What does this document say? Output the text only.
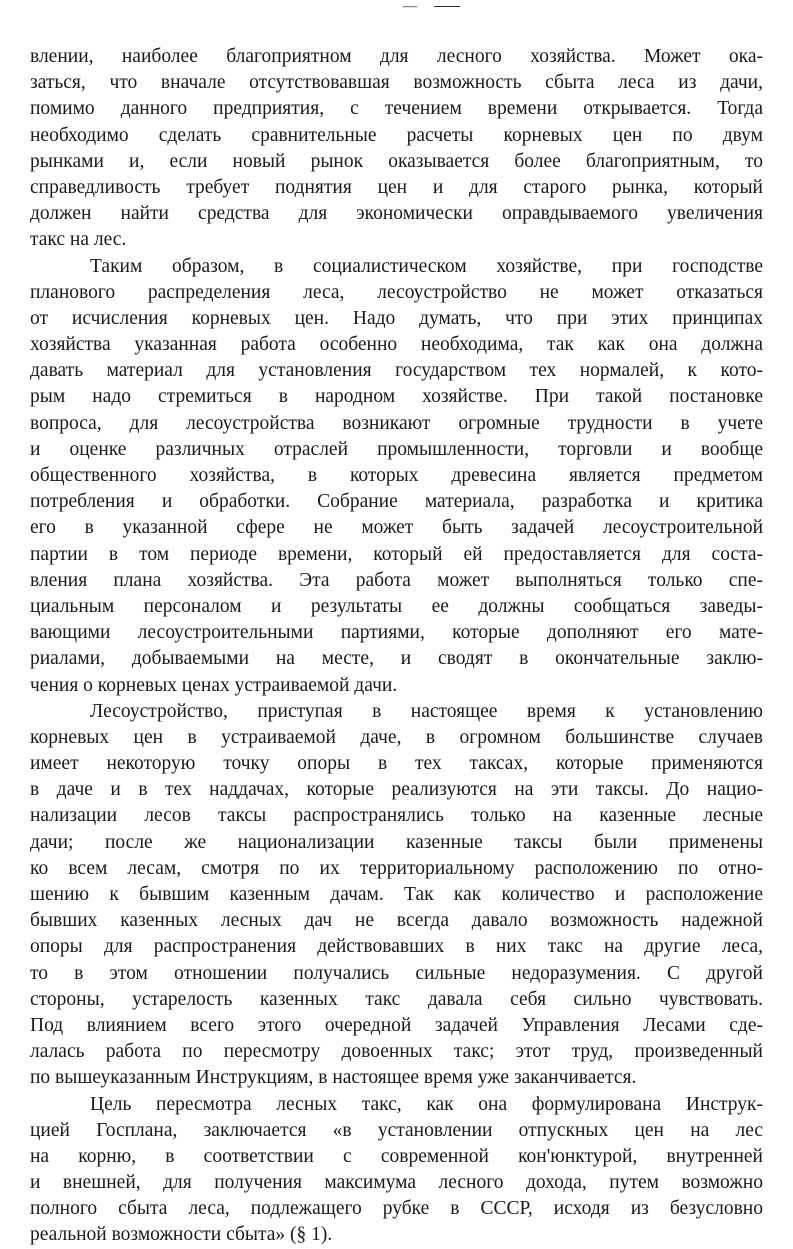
—
влении, наиболее благоприятном для лесного хозяйства. Может ока-
заться, что вначале отсутствовавшая возможность сбыта леса из дачи,
помимо данного предприятия, с течением времени открывается. Тогда
необходимо сделать сравнительные расчеты корневых цен по двум
рынками и, если новый рынок оказывается более благоприятным, то
справедливость требует поднятия цен и для старого рынка, который
должен найти средства для экономически оправдываемого увеличения
такс на лес.
Таким образом, в социалистическом хозяйстве, при господстве
планового распределения леса, лесоустройство не может отказаться
от исчисления корневых цен. Надо думать, что при этих принципах
хозяйства указанная работа особенно необходима, так как она должна
давать материал для установления государством тех нормалей, к кото-
рым надо стремиться в народном хозяйстве. При такой постановке
вопроса, для лесоустройства возникают огромные трудности в учете
и оценке различных отраслей промышленности, торговли и вообще
общественного хозяйства, в которых древесина является предметом
потребления и обработки. Собрание материала, разработка и критика
его в указанной сфере не может быть задачей лесоустроительной
партии в том периоде времени, который ей предоставляется для соста-
вления плана хозяйства. Эта работа может выполняться только спе-
циальным персоналом и результаты ее должны сообщаться заведы-
вающими лесоустроительными партиями, которые дополняют его мате-
риалами, добываемыми на месте, и сводят в окончательные заклю-
чения о корневых ценах устраиваемой дачи.
Лесоустройство, приступая в настоящее время к установлению
корневых цен в устраиваемой даче, в огромном большинстве случаев
имеет некоторую точку опоры в тех таксах, которые применяются
в даче и в тех наддачах, которые реализуются на эти таксы. До нацио-
нализации лесов таксы распространялись только на казенные лесные
дачи; после же национализации казенные таксы были применены
ко всем лесам, смотря по их территориальному расположению по отно-
шению к бывшим казенным дачам. Так как количество и расположение
бывших казенных лесных дач не всегда давало возможность надежной
опоры для распространения действовавших в них такс на другие леса,
то в этом отношении получались сильные недоразумения. С другой
стороны, устарелость казенных такс давала себя сильно чувствовать.
Под влиянием всего этого очередной задачей Управления Лесами сде-
лалась работа по пересмотру довоенных такс; этот труд, произведенный
по вышеуказанным Инструкциям, в настоящее время уже заканчивается.
Цель пересмотра лесных такс, как она формулирована Инструк-
цией Госплана, заключается «в установлении отпускных цен на лес
на корню, в соответствии с современной кон'юнктурой, внутренней
и внешней, для получения максимума лесного дохода, путем возможно
полного сбыта леса, подлежащего рубке в СССР, исходя из безусловно
реальной возможности сбыта» (§ 1).
